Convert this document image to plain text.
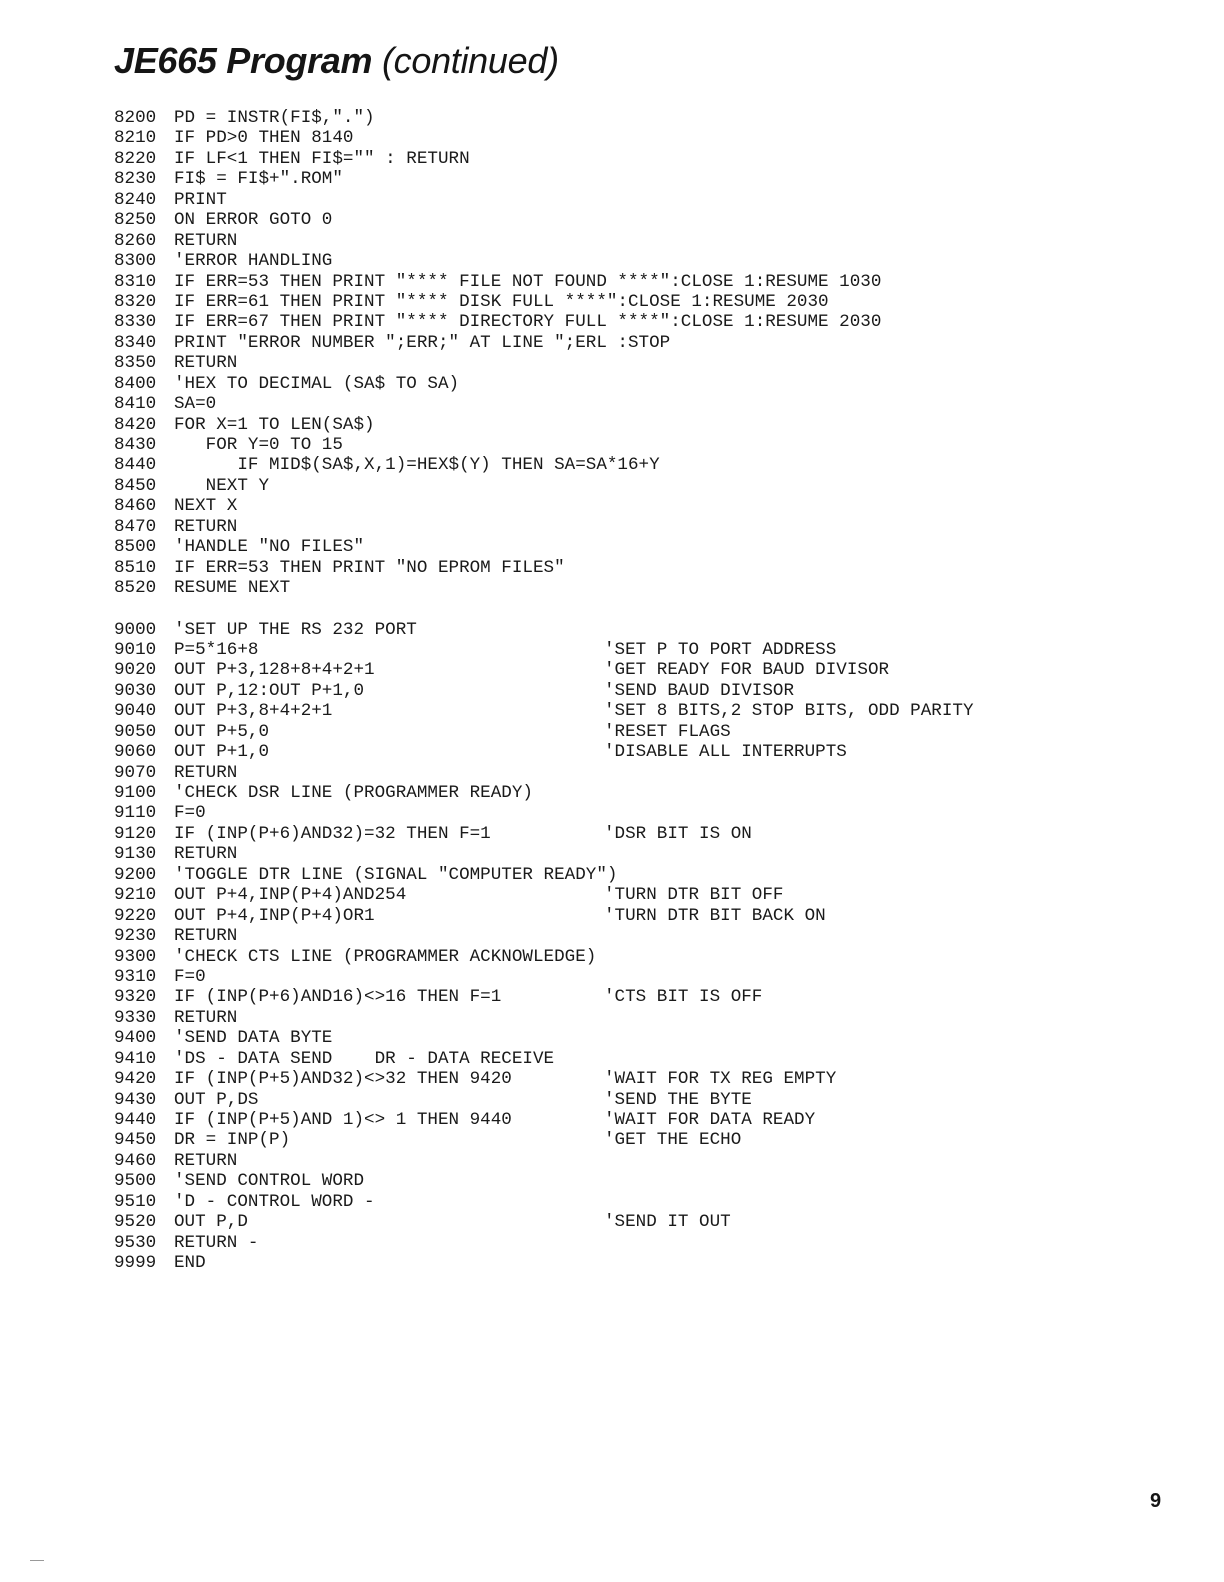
JE665 Program (continued)
8200 PD = INSTR(FI$,".")
8210 IF PD>0 THEN 8140
8220 IF LF<1 THEN FI$="" : RETURN
8230 FI$ = FI$+".ROM"
8240 PRINT
8250 ON ERROR GOTO 0
8260 RETURN
8300 'ERROR HANDLING
8310 IF ERR=53 THEN PRINT "**** FILE NOT FOUND ****":CLOSE 1:RESUME 1030
8320 IF ERR=61 THEN PRINT "**** DISK FULL ****":CLOSE 1:RESUME 2030
8330 IF ERR=67 THEN PRINT "**** DIRECTORY FULL ****":CLOSE 1:RESUME 2030
8340 PRINT "ERROR NUMBER ";ERR;" AT LINE ";ERL :STOP
8350 RETURN
8400 'HEX TO DECIMAL (SA$ TO SA)
8410 SA=0
8420 FOR X=1 TO LEN(SA$)
8430   FOR Y=0 TO 15
8440      IF MID$(SA$,X,1)=HEX$(Y) THEN SA=SA*16+Y
8450   NEXT Y
8460 NEXT X
8470 RETURN
8500 'HANDLE "NO FILES"
8510 IF ERR=53 THEN PRINT "NO EPROM FILES"
8520 RESUME NEXT
9000 'SET UP THE RS 232 PORT
9010 P=5*16+8	'SET P TO PORT ADDRESS
9020 OUT P+3,128+8+4+2+1	'GET READY FOR BAUD DIVISOR
9030 OUT P,12:OUT P+1,0	'SEND BAUD DIVISOR
9040 OUT P+3,8+4+2+1	'SET 8 BITS,2 STOP BITS, ODD PARITY
9050 OUT P+5,0	'RESET FLAGS
9060 OUT P+1,0	'DISABLE ALL INTERRUPTS
9070 RETURN
9100 'CHECK DSR LINE (PROGRAMMER READY)
9110 F=0
9120 IF (INP(P+6)AND32)=32 THEN F=1	'DSR BIT IS ON
9130 RETURN
9200 'TOGGLE DTR LINE (SIGNAL "COMPUTER READY")
9210 OUT P+4,INP(P+4)AND254	'TURN DTR BIT OFF
9220 OUT P+4,INP(P+4)OR1	'TURN DTR BIT BACK ON
9230 RETURN
9300 'CHECK CTS LINE (PROGRAMMER ACKNOWLEDGE)
9310 F=0
9320 IF (INP(P+6)AND16)<>16 THEN F=1	'CTS BIT IS OFF
9330 RETURN
9400 'SEND DATA BYTE
9410 'DS - DATA SEND    DR - DATA RECEIVE
9420 IF (INP(P+5)AND32)<>32 THEN 9420	'WAIT FOR TX REG EMPTY
9430 OUT P,DS	'SEND THE BYTE
9440 IF (INP(P+5)AND 1)<> 1 THEN 9440	'WAIT FOR DATA READY
9450 DR = INP(P)	'GET THE ECHO
9460 RETURN
9500 'SEND CONTROL WORD
9510 'D - CONTROL WORD -
9520 OUT P,D	'SEND IT OUT
9530 RETURN -
9999 END
9
